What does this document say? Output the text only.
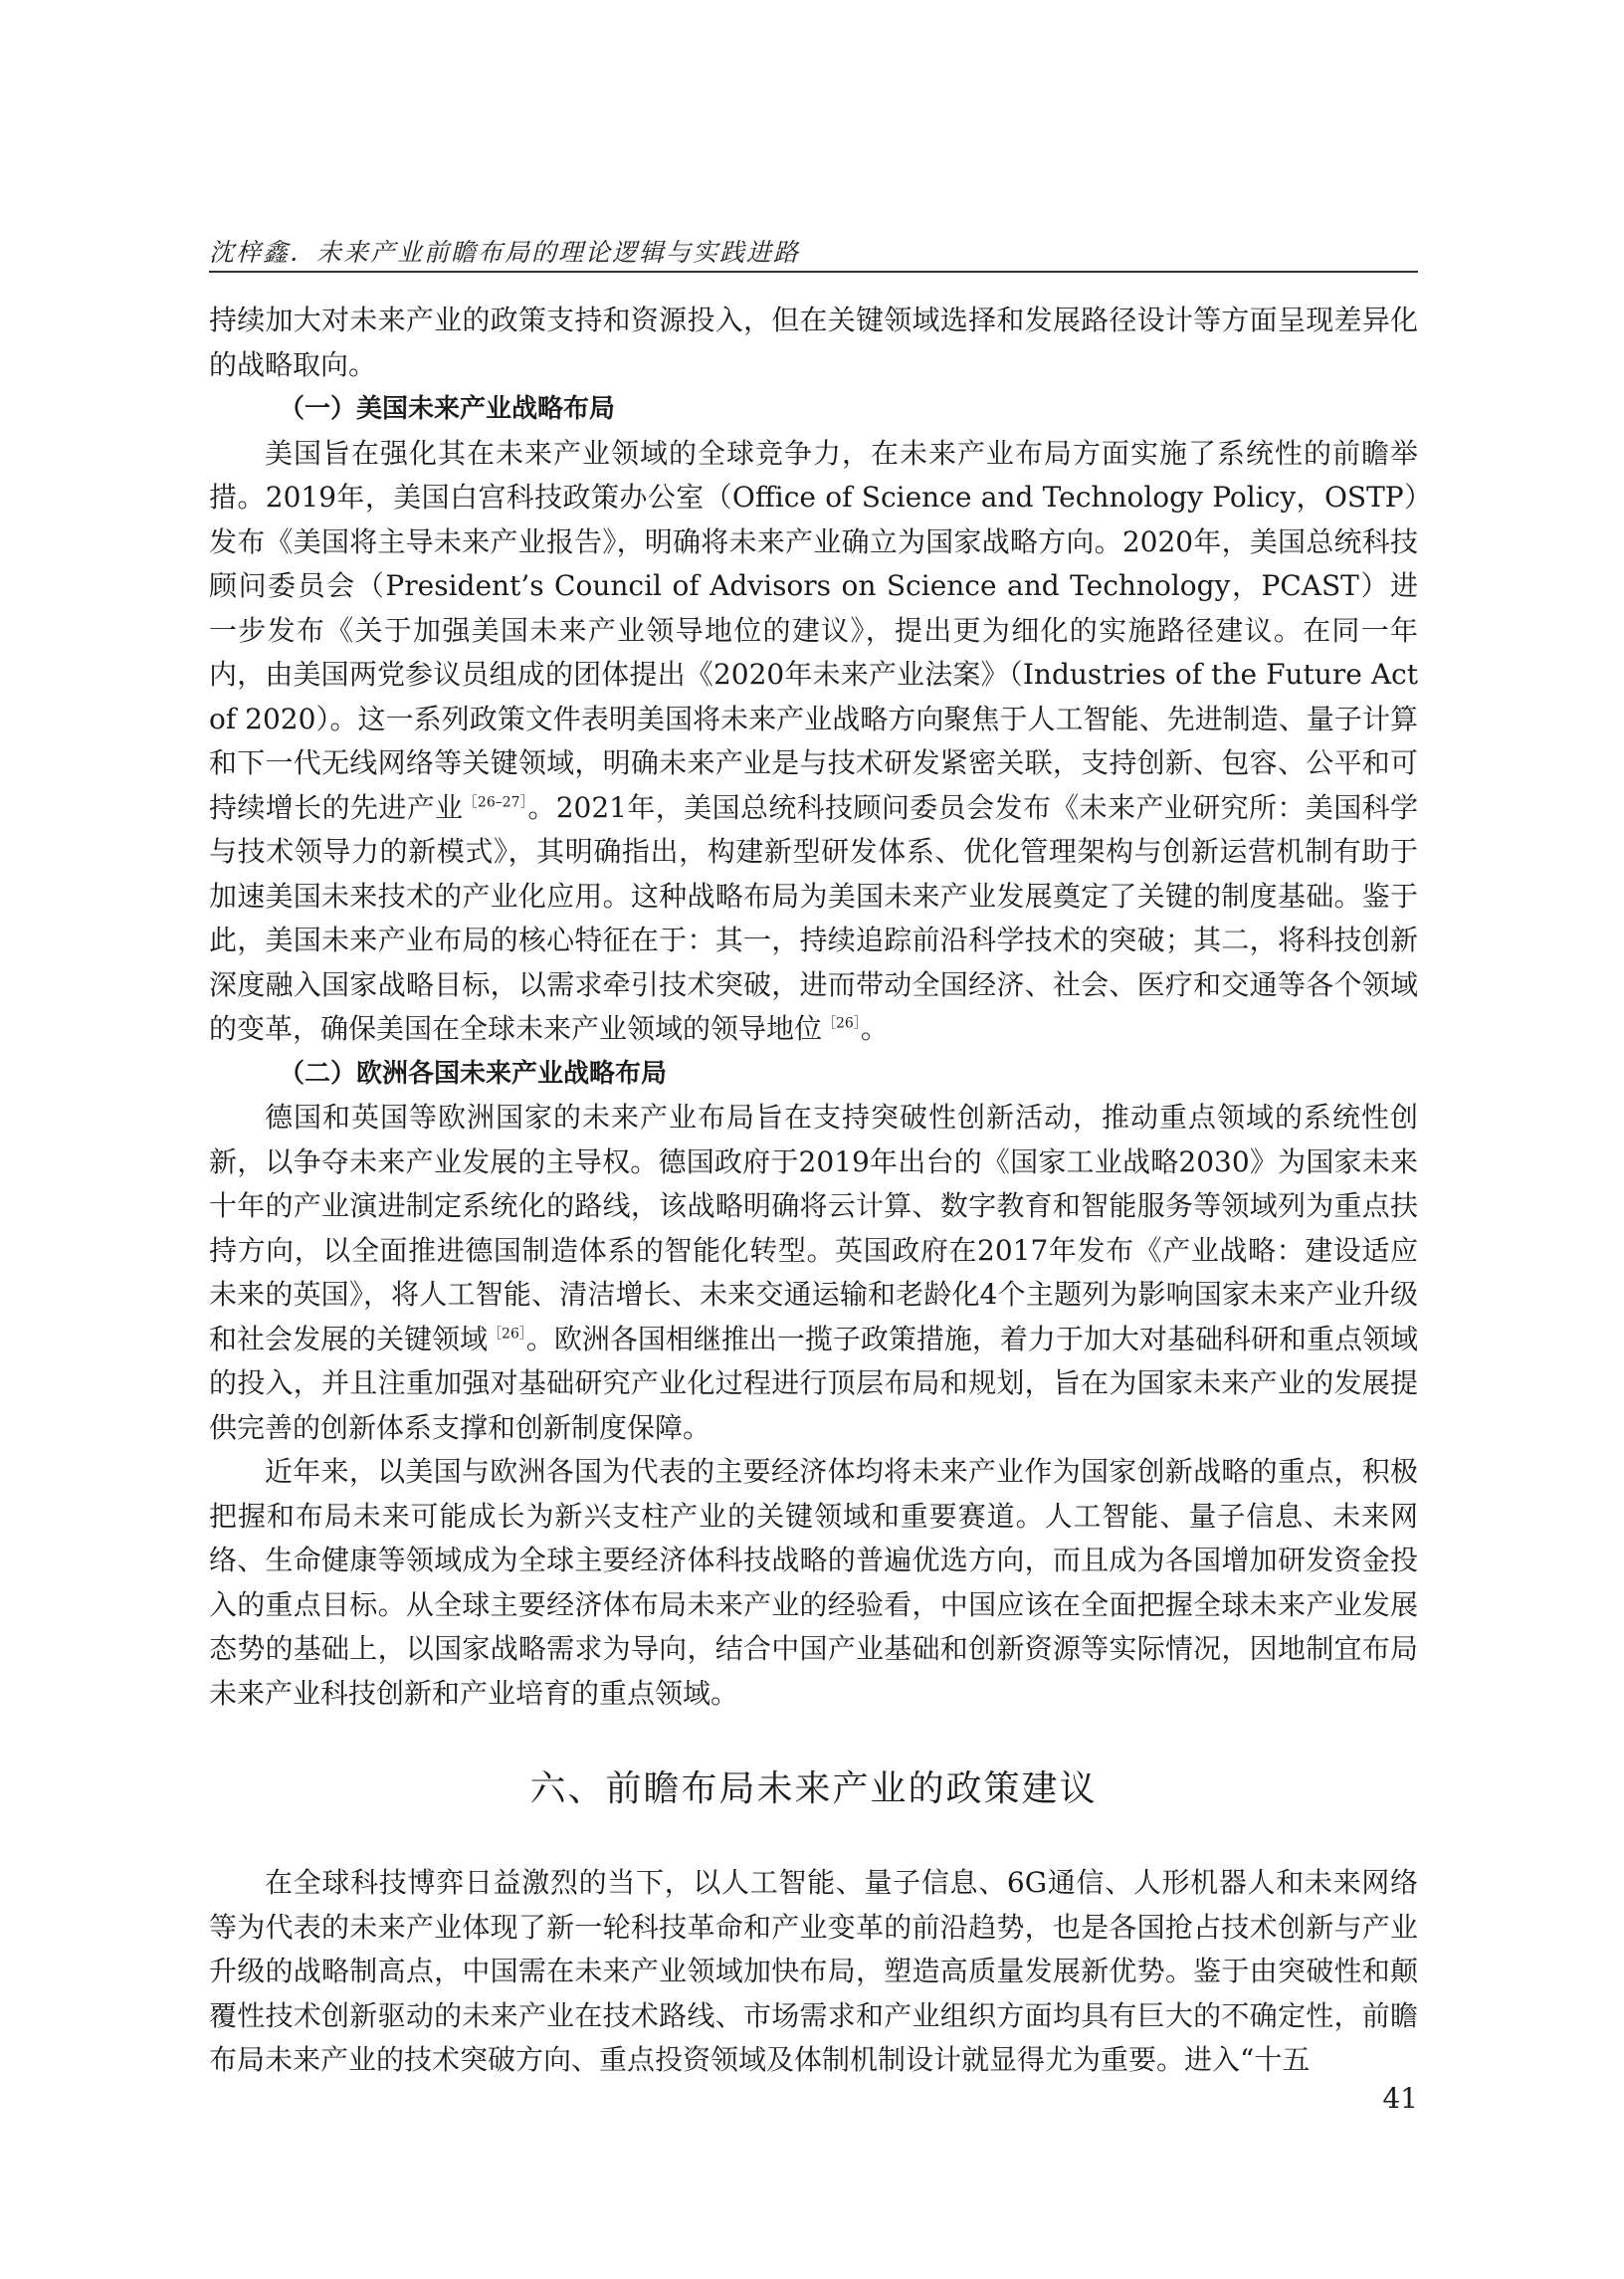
沈梓鑫．未来产业前瞻布局的理论逻辑与实践进路

持续加大对未来产业的政策支持和资源投入，但在关键领域选择和发展路径设计等方面呈现差异化的战略取向。

（一）美国未来产业战略布局

美国旨在强化其在未来产业领域的全球竞争力，在未来产业布局方面实施了系统性的前瞻举措。2019年，美国白宫科技政策办公室（Office of Science and Technology Policy，OSTP）发布《美国将主导未来产业报告》，明确将未来产业确立为国家战略方向。2020年，美国总统科技顾问委员会（President’s Council of Advisors on Science and Technology，PCAST）进一步发布《关于加强美国未来产业领导地位的建议》，提出更为细化的实施路径建议。在同一年内，由美国两党参议员组成的团体提出《2020年未来产业法案》（Industries of the Future Act of 2020）。这一系列政策文件表明美国将未来产业战略方向聚焦于人工智能、先进制造、量子计算和下一代无线网络等关键领域，明确未来产业是与技术研发紧密关联，支持创新、包容、公平和可持续增长的先进产业$^{[26-27]}$。2021年，美国总统科技顾问委员会发布《未来产业研究所：美国科学与技术领导力的新模式》，其明确指出，构建新型研发体系、优化管理架构与创新运营机制有助于加速美国未来技术的产业化应用。这种战略布局为美国未来产业发展奠定了关键的制度基础。鉴于此，美国未来产业布局的核心特征在于：其一，持续追踪前沿科学技术的突破；其二，将科技创新深度融入国家战略目标，以需求牵引技术突破，进而带动全国经济、社会、医疗和交通等各个领域的变革，确保美国在全球未来产业领域的领导地位$^{[26]}$。

（二）欧洲各国未来产业战略布局

德国和英国等欧洲国家的未来产业布局旨在支持突破性创新活动，推动重点领域的系统性创新，以争夺未来产业发展的主导权。德国政府于2019年出台的《国家工业战略2030》为国家未来十年的产业演进制定系统化的路线，该战略明确将云计算、数字教育和智能服务等领域列为重点扶持方向，以全面推进德国制造体系的智能化转型。英国政府在2017年发布《产业战略：建设适应未来的英国》，将人工智能、清洁增长、未来交通运输和老龄化4个主题列为影响国家未来产业升级和社会发展的关键领域$^{[26]}$。欧洲各国相继推出一揽子政策措施，着力于加大对基础科研和重点领域的投入，并且注重加强对基础研究产业化过程进行顶层布局和规划，旨在为国家未来产业的发展提供完善的创新体系支撑和创新制度保障。

近年来，以美国与欧洲各国为代表的主要经济体均将未来产业作为国家创新战略的重点，积极把握和布局未来可能成长为新兴支柱产业的关键领域和重要赛道。人工智能、量子信息、未来网络、生命健康等领域成为全球主要经济体科技战略的普遍优选方向，而且成为各国增加研发资金投入的重点目标。从全球主要经济体布局未来产业的经验看，中国应该在全面把握全球未来产业发展态势的基础上，以国家战略需求为导向，结合中国产业基础和创新资源等实际情况，因地制宜布局未来产业科技创新和产业培育的重点领域。

六、前瞻布局未来产业的政策建议

在全球科技博弈日益激烈的当下，以人工智能、量子信息、6G通信、人形机器人和未来网络等为代表的未来产业体现了新一轮科技革命和产业变革的前沿趋势，也是各国抢占技术创新与产业升级的战略制高点，中国需在未来产业领域加快布局，塑造高质量发展新优势。鉴于由突破性和颠覆性技术创新驱动的未来产业在技术路线、市场需求和产业组织方面均具有巨大的不确定性，前瞻布局未来产业的技术突破方向、重点投资领域及体制机制设计就显得尤为重要。进入“十五

41
